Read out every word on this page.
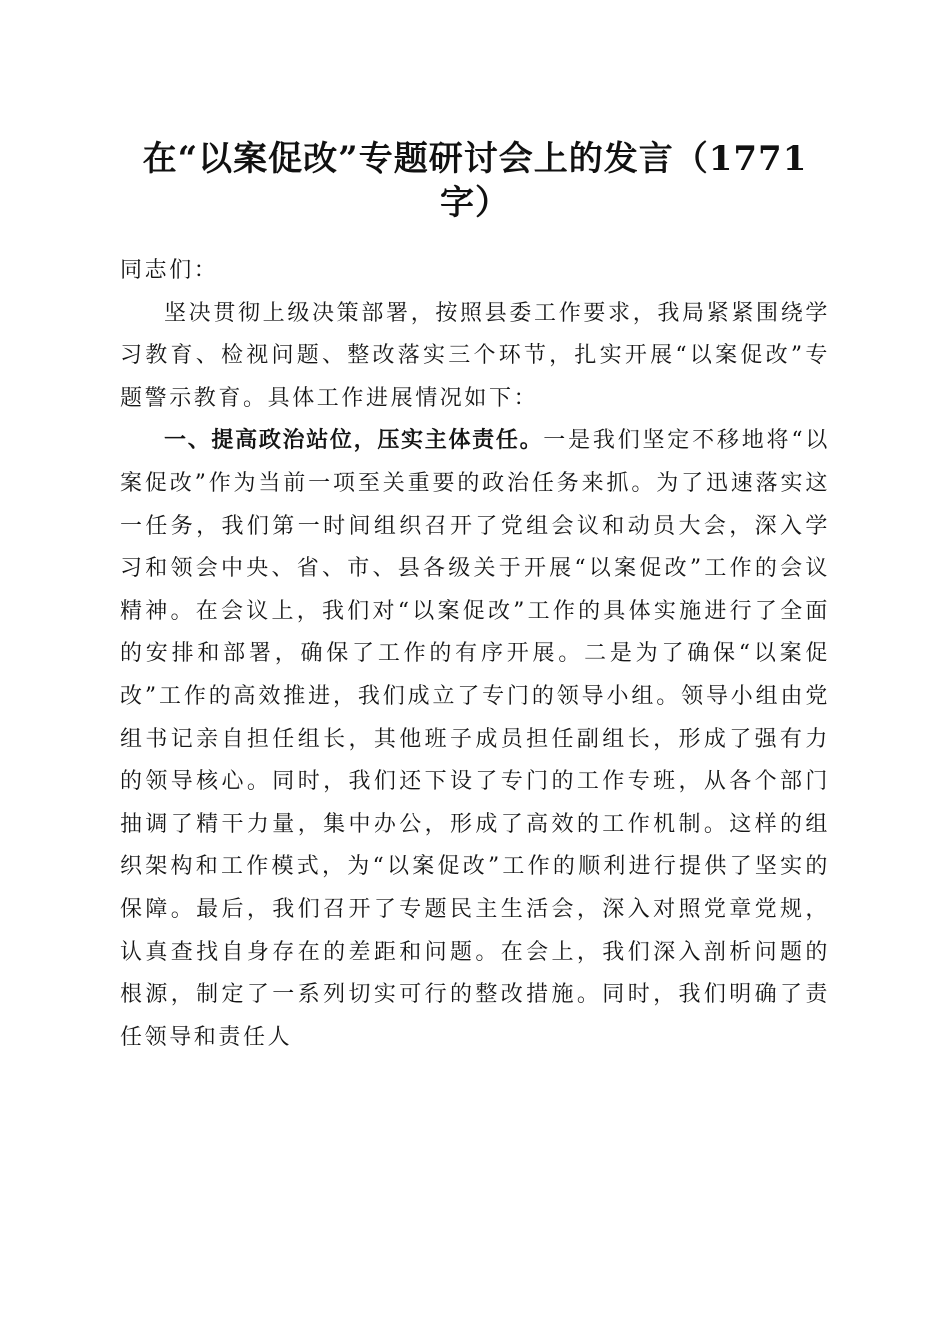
在“以案促改”专题研讨会上的发言（1771
字）

同志们：

坚决贯彻上级决策部署，按照县委工作要求，我局紧紧围绕学习教育、检视问题、整改落实三个环节，扎实开展“以案促改”专题警示教育。具体工作进展情况如下：

一、提高政治站位，压实主体责任。一是我们坚定不移地将“以案促改”作为当前一项至关重要的政治任务来抓。为了迅速落实这一任务，我们第一时间组织召开了党组会议和动员大会，深入学习和领会中央、省、市、县各级关于开展“以案促改”工作的会议精神。在会议上，我们对“以案促改”工作的具体实施进行了全面的安排和部署，确保了工作的有序开展。二是为了确保“以案促改”工作的高效推进，我们成立了专门的领导小组。领导小组由党组书记亲自担任组长，其他班子成员担任副组长，形成了强有力的领导核心。同时，我们还下设了专门的工作专班，从各个部门抽调了精干力量，集中办公，形成了高效的工作机制。这样的组织架构和工作模式，为“以案促改”工作的顺利进行提供了坚实的保障。最后，我们召开了专题民主生活会，深入对照党章党规，认真查找自身存在的差距和问题。在会上，我们深入剖析问题的根源，制定了一系列切实可行的整改措施。同时，我们明确了责任领导和责任人
